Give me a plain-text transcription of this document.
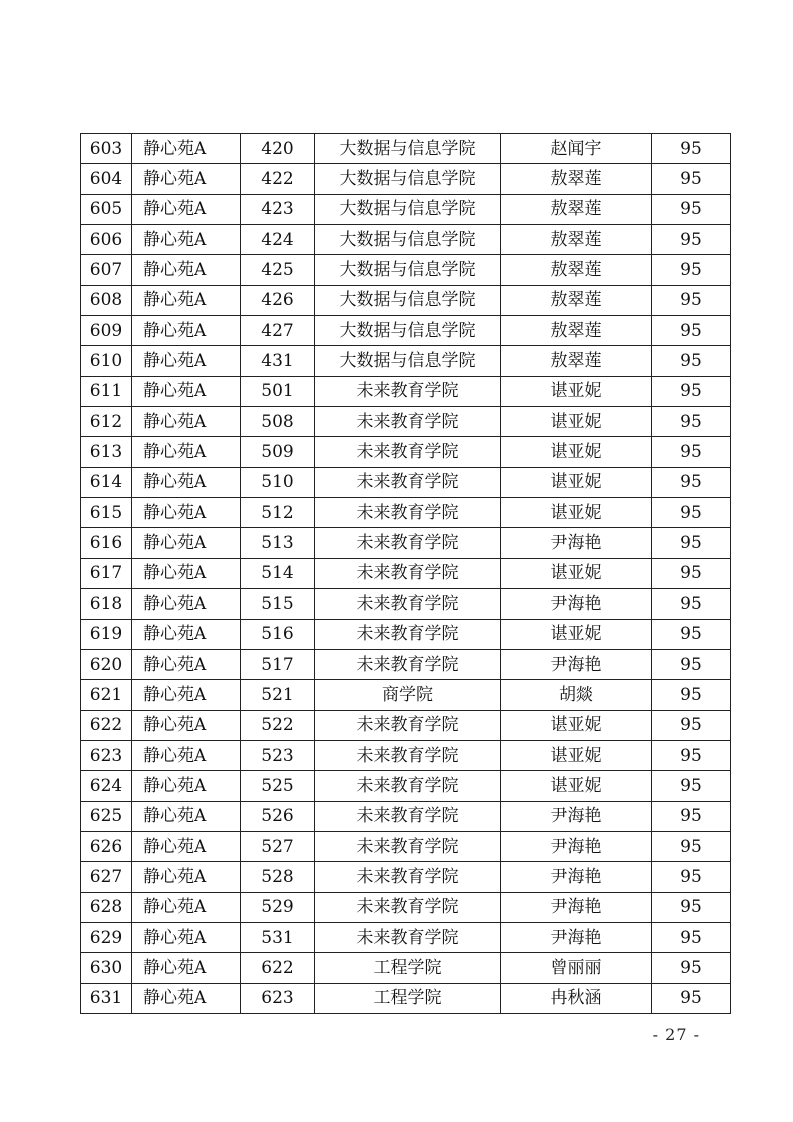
603	静心苑A	420	大数据与信息学院	赵闻宇	95
604	静心苑A	422	大数据与信息学院	敖翠莲	95
605	静心苑A	423	大数据与信息学院	敖翠莲	95
606	静心苑A	424	大数据与信息学院	敖翠莲	95
607	静心苑A	425	大数据与信息学院	敖翠莲	95
608	静心苑A	426	大数据与信息学院	敖翠莲	95
609	静心苑A	427	大数据与信息学院	敖翠莲	95
610	静心苑A	431	大数据与信息学院	敖翠莲	95
611	静心苑A	501	未来教育学院	谌亚妮	95
612	静心苑A	508	未来教育学院	谌亚妮	95
613	静心苑A	509	未来教育学院	谌亚妮	95
614	静心苑A	510	未来教育学院	谌亚妮	95
615	静心苑A	512	未来教育学院	谌亚妮	95
616	静心苑A	513	未来教育学院	尹海艳	95
617	静心苑A	514	未来教育学院	谌亚妮	95
618	静心苑A	515	未来教育学院	尹海艳	95
619	静心苑A	516	未来教育学院	谌亚妮	95
620	静心苑A	517	未来教育学院	尹海艳	95
621	静心苑A	521	商学院	胡燚	95
622	静心苑A	522	未来教育学院	谌亚妮	95
623	静心苑A	523	未来教育学院	谌亚妮	95
624	静心苑A	525	未来教育学院	谌亚妮	95
625	静心苑A	526	未来教育学院	尹海艳	95
626	静心苑A	527	未来教育学院	尹海艳	95
627	静心苑A	528	未来教育学院	尹海艳	95
628	静心苑A	529	未来教育学院	尹海艳	95
629	静心苑A	531	未来教育学院	尹海艳	95
630	静心苑A	622	工程学院	曾丽丽	95
631	静心苑A	623	工程学院	冉秋涵	95
- 27 -
